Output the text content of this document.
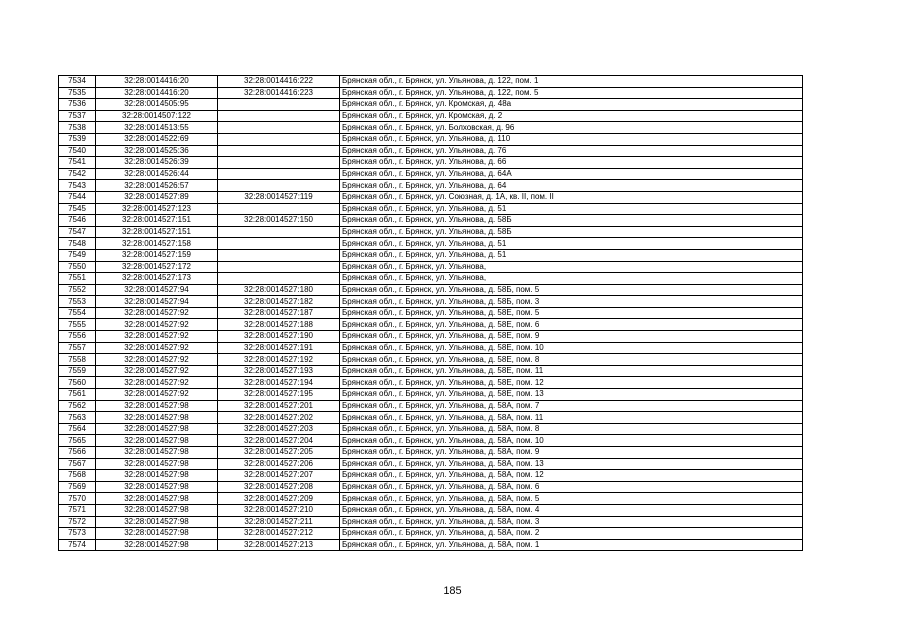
7534	32:28:0014416:20	32:28:0014416:222	Брянская обл., г. Брянск, ул. Ульянова, д. 122, пом. 1
7535	32:28:0014416:20	32:28:0014416:223	Брянская обл., г. Брянск, ул. Ульянова, д. 122, пом. 5
7536	32:28:0014505:95		Брянская обл., г. Брянск, ул. Кромская, д. 48а
7537	32:28:0014507:122		Брянская обл., г. Брянск, ул. Кромская, д. 2
7538	32:28:0014513:55		Брянская обл., г. Брянск, ул. Болховская, д. 96
7539	32:28:0014522:69		Брянская обл., г. Брянск, ул. Ульянова, д. 110
7540	32:28:0014525:36		Брянская обл., г. Брянск, ул. Ульянова, д. 76
7541	32:28:0014526:39		Брянская обл., г. Брянск, ул. Ульянова, д. 66
7542	32:28:0014526:44		Брянская обл., г. Брянск, ул. Ульянова, д. 64А
7543	32:28:0014526:57		Брянская обл., г. Брянск, ул. Ульянова, д. 64
7544	32:28:0014527:89	32:28:0014527:119	Брянская обл., г. Брянск, ул. Союзная, д. 1А, кв. II, пом. II
7545	32:28:0014527:123		Брянская обл., г. Брянск, ул. Ульянова, д. 51
7546	32:28:0014527:151	32:28:0014527:150	Брянская обл., г. Брянск, ул. Ульянова, д. 58Б
7547	32:28:0014527:151		Брянская обл., г. Брянск, ул. Ульянова, д. 58Б
7548	32:28:0014527:158		Брянская обл., г. Брянск, ул. Ульянова, д. 51
7549	32:28:0014527:159		Брянская обл., г. Брянск, ул. Ульянова, д. 51
7550	32:28:0014527:172		Брянская обл., г. Брянск, ул. Ульянова,
7551	32:28:0014527:173		Брянская обл., г. Брянск, ул. Ульянова,
7552	32:28:0014527:94	32:28:0014527:180	Брянская обл., г. Брянск, ул. Ульянова, д. 58Б, пом. 5
7553	32:28:0014527:94	32:28:0014527:182	Брянская обл., г. Брянск, ул. Ульянова, д. 58Б, пом. 3
7554	32:28:0014527:92	32:28:0014527:187	Брянская обл., г. Брянск, ул. Ульянова, д. 58Е, пом. 5
7555	32:28:0014527:92	32:28:0014527:188	Брянская обл., г. Брянск, ул. Ульянова, д. 58Е, пом. 6
7556	32:28:0014527:92	32:28:0014527:190	Брянская обл., г. Брянск, ул. Ульянова, д. 58Е, пом. 9
7557	32:28:0014527:92	32:28:0014527:191	Брянская обл., г. Брянск, ул. Ульянова, д. 58Е, пом. 10
7558	32:28:0014527:92	32:28:0014527:192	Брянская обл., г. Брянск, ул. Ульянова, д. 58Е, пом. 8
7559	32:28:0014527:92	32:28:0014527:193	Брянская обл., г. Брянск, ул. Ульянова, д. 58Е, пом. 11
7560	32:28:0014527:92	32:28:0014527:194	Брянская обл., г. Брянск, ул. Ульянова, д. 58Е, пом. 12
7561	32:28:0014527:92	32:28:0014527:195	Брянская обл., г. Брянск, ул. Ульянова, д. 58Е, пом. 13
7562	32:28:0014527:98	32:28:0014527:201	Брянская обл., г. Брянск, ул. Ульянова, д. 58А, пом. 7
7563	32:28:0014527:98	32:28:0014527:202	Брянская обл., г. Брянск, ул. Ульянова, д. 58А, пом. 11
7564	32:28:0014527:98	32:28:0014527:203	Брянская обл., г. Брянск, ул. Ульянова, д. 58А, пом. 8
7565	32:28:0014527:98	32:28:0014527:204	Брянская обл., г. Брянск, ул. Ульянова, д. 58А, пом. 10
7566	32:28:0014527:98	32:28:0014527:205	Брянская обл., г. Брянск, ул. Ульянова, д. 58А, пом. 9
7567	32:28:0014527:98	32:28:0014527:206	Брянская обл., г. Брянск, ул. Ульянова, д. 58А, пом. 13
7568	32:28:0014527:98	32:28:0014527:207	Брянская обл., г. Брянск, ул. Ульянова, д. 58А, пом. 12
7569	32:28:0014527:98	32:28:0014527:208	Брянская обл., г. Брянск, ул. Ульянова, д. 58А, пом. 6
7570	32:28:0014527:98	32:28:0014527:209	Брянская обл., г. Брянск, ул. Ульянова, д. 58А, пом. 5
7571	32:28:0014527:98	32:28:0014527:210	Брянская обл., г. Брянск, ул. Ульянова, д. 58А, пом. 4
7572	32:28:0014527:98	32:28:0014527:211	Брянская обл., г. Брянск, ул. Ульянова, д. 58А, пом. 3
7573	32:28:0014527:98	32:28:0014527:212	Брянская обл., г. Брянск, ул. Ульянова, д. 58А, пом. 2
7574	32:28:0014527:98	32:28:0014527:213	Брянская обл., г. Брянск, ул. Ульянова, д. 58А, пом. 1
185
